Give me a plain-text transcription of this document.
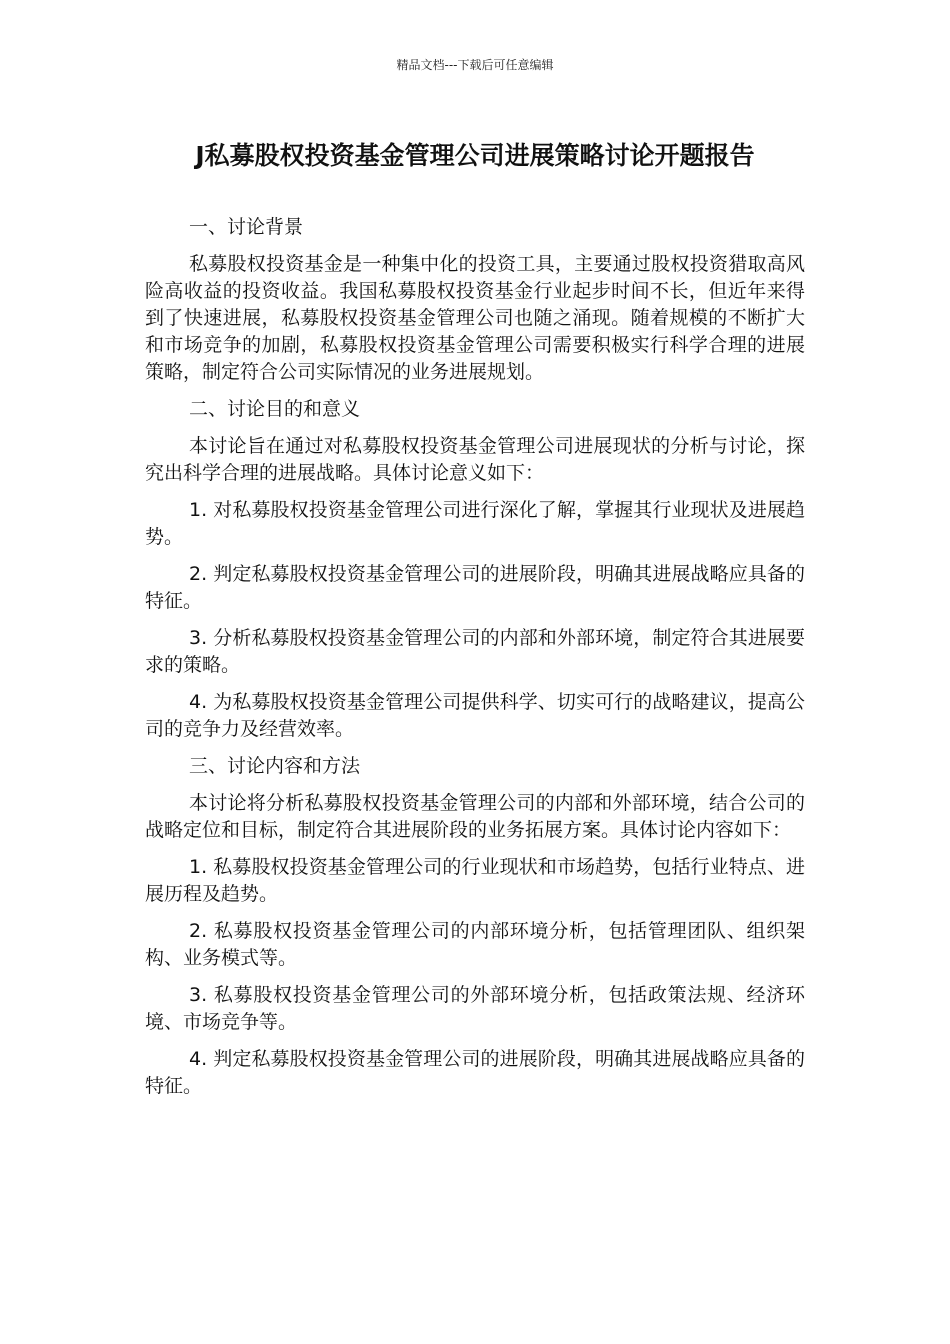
精品文档---下载后可任意编辑
J私募股权投资基金管理公司进展策略讨论开题报告

一、讨论背景

私募股权投资基金是一种集中化的投资工具，主要通过股权投资猎取高风险高收益的投资收益。我国私募股权投资基金行业起步时间不长，但近年来得到了快速进展，私募股权投资基金管理公司也随之涌现。随着规模的不断扩大和市场竞争的加剧，私募股权投资基金管理公司需要积极实行科学合理的进展策略，制定符合公司实际情况的业务进展规划。

二、讨论目的和意义

本讨论旨在通过对私募股权投资基金管理公司进展现状的分析与讨论，探究出科学合理的进展战略。具体讨论意义如下：

1. 对私募股权投资基金管理公司进行深化了解，掌握其行业现状及进展趋势。

2. 判定私募股权投资基金管理公司的进展阶段，明确其进展战略应具备的特征。

3. 分析私募股权投资基金管理公司的内部和外部环境，制定符合其进展要求的策略。

4. 为私募股权投资基金管理公司提供科学、切实可行的战略建议，提高公司的竞争力及经营效率。

三、讨论内容和方法

本讨论将分析私募股权投资基金管理公司的内部和外部环境，结合公司的战略定位和目标，制定符合其进展阶段的业务拓展方案。具体讨论内容如下：

1. 私募股权投资基金管理公司的行业现状和市场趋势，包括行业特点、进展历程及趋势。

2. 私募股权投资基金管理公司的内部环境分析，包括管理团队、组织架构、业务模式等。

3. 私募股权投资基金管理公司的外部环境分析，包括政策法规、经济环境、市场竞争等。

4. 判定私募股权投资基金管理公司的进展阶段，明确其进展战略应具备的特征。
